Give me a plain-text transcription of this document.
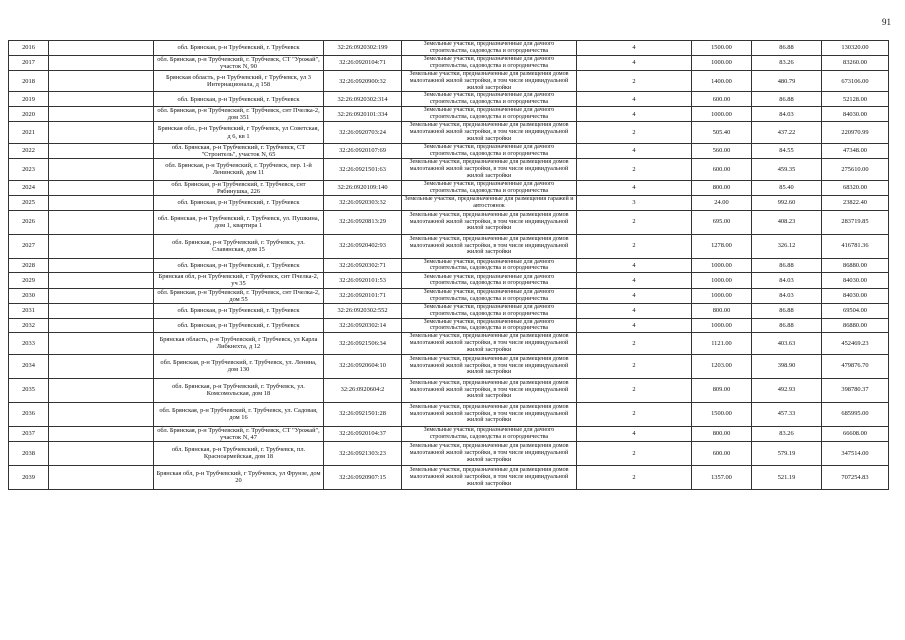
91
2016		обл. Брянская, р-н Трубчевский, г. Трубчевск	32:26:0920302:199	Земельные участки, предназначенные для дачного строительства, садоводства и огородничества	4	1500.00	86.88	130320.00
2017		обл. Брянская, р-н Трубчевский, г. Трубчевск, СТ "Урожай", участок N, 90	32:26:0920104:71	Земельные участки, предназначенные для дачного строительства, садоводства и огородничества	4	1000.00	83.26	83260.00
2018		Брянская область, р-н Трубчевский, г Трубчевск, ул 3 Интернационала, д 158	32:26:0920900:32	Земельные участки, предназначенные для размещения домов малоэтажной жилой застройки, в том числе индивидуальной жилой застройки	2	1400.00	480.79	673106.00
2019		обл. Брянская, р-н Трубчевский, г. Трубчевск	32:26:0920302:314	Земельные участки, предназначенные для дачного строительства, садоводства и огородничества	4	600.00	86.88	52128.00
2020		обл. Брянская, р-н Трубчевский, г. Трубчевск, снт Пчелка-2, дом 351	32:26:0920101:334	Земельные участки, предназначенные для дачного строительства, садоводства и огородничества	4	1000.00	84.03	84030.00
2021		Брянская обл., р-н Трубчевский, г Трубчевск, ул Советская, д 6, кв 1	32:26:0920703:24	Земельные участки, предназначенные для размещения домов малоэтажной жилой застройки, в том числе индивидуальной жилой застройки	2	505.40	437.22	220970.99
2022		обл. Брянская, р-н Трубчевский, г. Трубчевск, СТ "Строитель", участок N, 65	32:26:0920107:69	Земельные участки, предназначенные для дачного строительства, садоводства и огородничества	4	560.00	84.55	47348.00
2023		обл. Брянская, р-н Трубчевский, г. Трубчевск, пер. 1-й Ленинский, дом 11	32:26:0921501:63	Земельные участки, предназначенные для размещения домов малоэтажной жилой застройки, в том числе индивидуальной жилой застройки	2	600.00	459.35	275610.00
2024		обл. Брянская, р-н Трубчевский, г. Трубчевск, снт Рябинушка, 226	32:26:0920109:140	Земельные участки, предназначенные для дачного строительства, садоводства и огородничества	4	800.00	85.40	68320.00
2025		обл. Брянская, р-н Трубчевский, г. Трубчевск	32:26:0920303:32	Земельные участки, предназначенные для размещения гаражей и автостоянок	3	24.00	992.60	23822.40
2026		обл. Брянская, р-н Трубчевский, г. Трубчевск, ул. Пушкина, дом 1, квартира 1	32:26:0920813:29	Земельные участки, предназначенные для размещения домов малоэтажной жилой застройки, в том числе индивидуальной жилой застройки	2	695.00	408.23	283719.85
2027		обл. Брянская, р-н Трубчевский, г. Трубчевск, ул. Славянская, дом 15	32:26:0920402:93	Земельные участки, предназначенные для размещения домов малоэтажной жилой застройки, в том числе индивидуальной жилой застройки	2	1278.00	326.12	416781.36
2028		обл. Брянская, р-н Трубчевский, г. Трубчевск	32:26:0920302:71	Земельные участки, предназначенные для дачного строительства, садоводства и огородничества	4	1000.00	86.88	86880.00
2029		Брянская обл, р-н Трубчевский, г Трубчевск, снт Пчелка-2, уч 35	32:26:0920101:53	Земельные участки, предназначенные для дачного строительства, садоводства и огородничества	4	1000.00	84.03	84030.00
2030		обл. Брянская, р-н Трубчевский, г. Трубчевск, снт Пчелка-2, дом 55	32:26:0920101:71	Земельные участки, предназначенные для дачного строительства, садоводства и огородничества	4	1000.00	84.03	84030.00
2031		обл. Брянская, р-н Трубчевский, г. Трубчевск	32:26:0920302:552	Земельные участки, предназначенные для дачного строительства, садоводства и огородничества	4	800.00	86.88	69504.00
2032		обл. Брянская, р-н Трубчевский, г. Трубчевск	32:26:0920302:14	Земельные участки, предназначенные для дачного строительства, садоводства и огородничества	4	1000.00	86.88	86880.00
2033		Брянская область, р-н Трубчевский, г Трубчевск, ул Карла Либкнехта, д 12	32:26:0921506:34	Земельные участки, предназначенные для размещения домов малоэтажной жилой застройки, в том числе индивидуальной жилой застройки	2	1121.00	403.63	452469.23
2034		обл. Брянская, р-н Трубчевский, г. Трубчевск, ул. Ленина, дом 130	32:26:0920604:10	Земельные участки, предназначенные для размещения домов малоэтажной жилой застройки, в том числе индивидуальной жилой застройки	2	1203.00	398.90	479876.70
2035		обл. Брянская, р-н Трубчевский, г. Трубчевск, ул. Комсомольская, дом 18	32:26:0920604:2	Земельные участки, предназначенные для размещения домов малоэтажной жилой застройки, в том числе индивидуальной жилой застройки	2	809.00	492.93	398780.37
2036		обл. Брянская, р-н Трубчевский, г. Трубчевск, ул. Садовая, дом 16	32:26:0921501:28	Земельные участки, предназначенные для размещения домов малоэтажной жилой застройки, в том числе индивидуальной жилой застройки	2	1500.00	457.33	685995.00
2037		обл. Брянская, р-н Трубчевский, г. Трубчевск, СТ "Урожай", участок N, 47	32:26:0920104:37	Земельные участки, предназначенные для дачного строительства, садоводства и огородничества	4	800.00	83.26	66608.00
2038		обл. Брянская, р-н Трубчевский, г. Трубчевск, пл. Красноармейская, дом 18	32:26:0921303:23	Земельные участки, предназначенные для размещения домов малоэтажной жилой застройки, в том числе индивидуальной жилой застройки	2	600.00	579.19	347514.00
2039		Брянская обл, р-н Трубчевский, г Трубчевск, ул Фрунзе, дом 20	32:26:0920907:15	Земельные участки, предназначенные для размещения домов малоэтажной жилой застройки, в том числе индивидуальной жилой застройки	2	1357.00	521.19	707254.83
